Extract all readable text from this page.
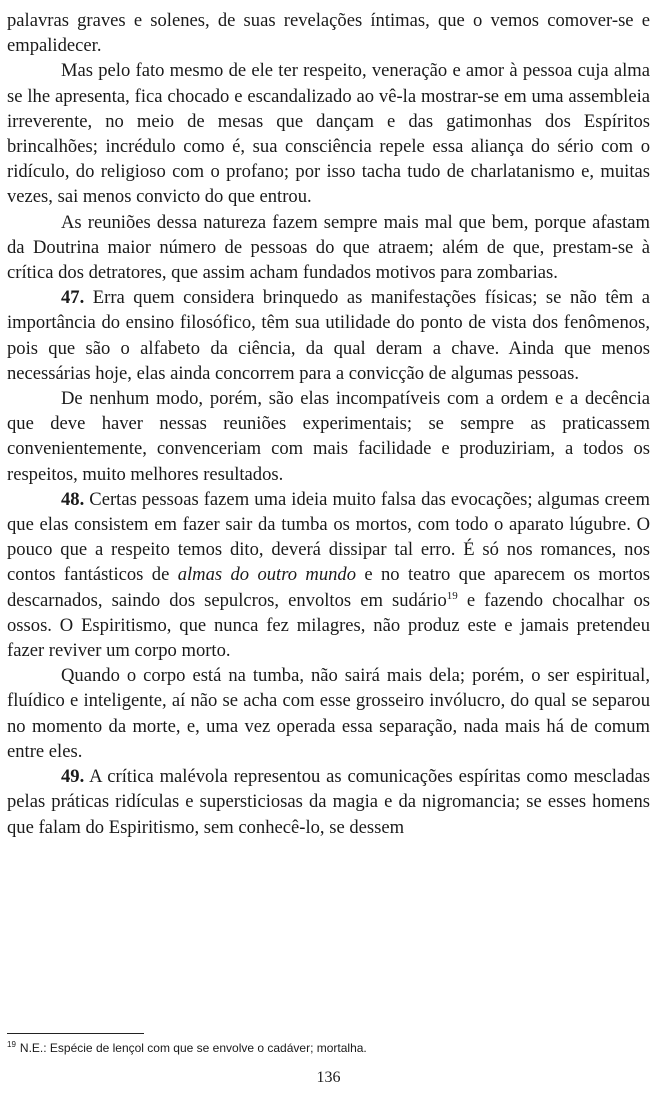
palavras graves e solenes, de suas revelações íntimas, que o vemos comover-se e empalidecer.

Mas pelo fato mesmo de ele ter respeito, veneração e amor à pessoa cuja alma se lhe apresenta, fica chocado e escandalizado ao vê-la mostrar-se em uma assembleia irreverente, no meio de mesas que dançam e das gatimonhas dos Espíritos brincalhões; incrédulo como é, sua consciência repele essa aliança do sério com o ridículo, do religioso com o profano; por isso tacha tudo de charlatanismo e, muitas vezes, sai menos convicto do que entrou.

As reuniões dessa natureza fazem sempre mais mal que bem, porque afastam da Doutrina maior número de pessoas do que atraem; além de que, prestam-se à crítica dos detratores, que assim acham fundados motivos para zombarias.

47. Erra quem considera brinquedo as manifestações físicas; se não têm a importância do ensino filosófico, têm sua utilidade do ponto de vista dos fenômenos, pois que são o alfabeto da ciência, da qual deram a chave. Ainda que menos necessárias hoje, elas ainda concorrem para a convicção de algumas pessoas.

De nenhum modo, porém, são elas incompatíveis com a ordem e a decência que deve haver nessas reuniões experimentais; se sempre as praticassem convenientemente, convenceriam com mais facilidade e produziriam, a todos os respeitos, muito melhores resultados.

48. Certas pessoas fazem uma ideia muito falsa das evocações; algumas creem que elas consistem em fazer sair da tumba os mortos, com todo o aparato lúgubre. O pouco que a respeito temos dito, deverá dissipar tal erro. É só nos romances, nos contos fantásticos de almas do outro mundo e no teatro que aparecem os mortos descarnados, saindo dos sepulcros, envoltos em sudário$^{19}$ e fazendo chocalhar os ossos. O Espiritismo, que nunca fez milagres, não produz este e jamais pretendeu fazer reviver um corpo morto.

Quando o corpo está na tumba, não sairá mais dela; porém, o ser espiritual, fluídico e inteligente, aí não se acha com esse grosseiro invólucro, do qual se separou no momento da morte, e, uma vez operada essa separação, nada mais há de comum entre eles.

49. A crítica malévola representou as comunicações espíritas como mescladas pelas práticas ridículas e supersticiosas da magia e da nigromancia; se esses homens que falam do Espiritismo, sem conhecê-lo, se dessem

$^{19}$ N.E.: Espécie de lençol com que se envolve o cadáver; mortalha.
136
